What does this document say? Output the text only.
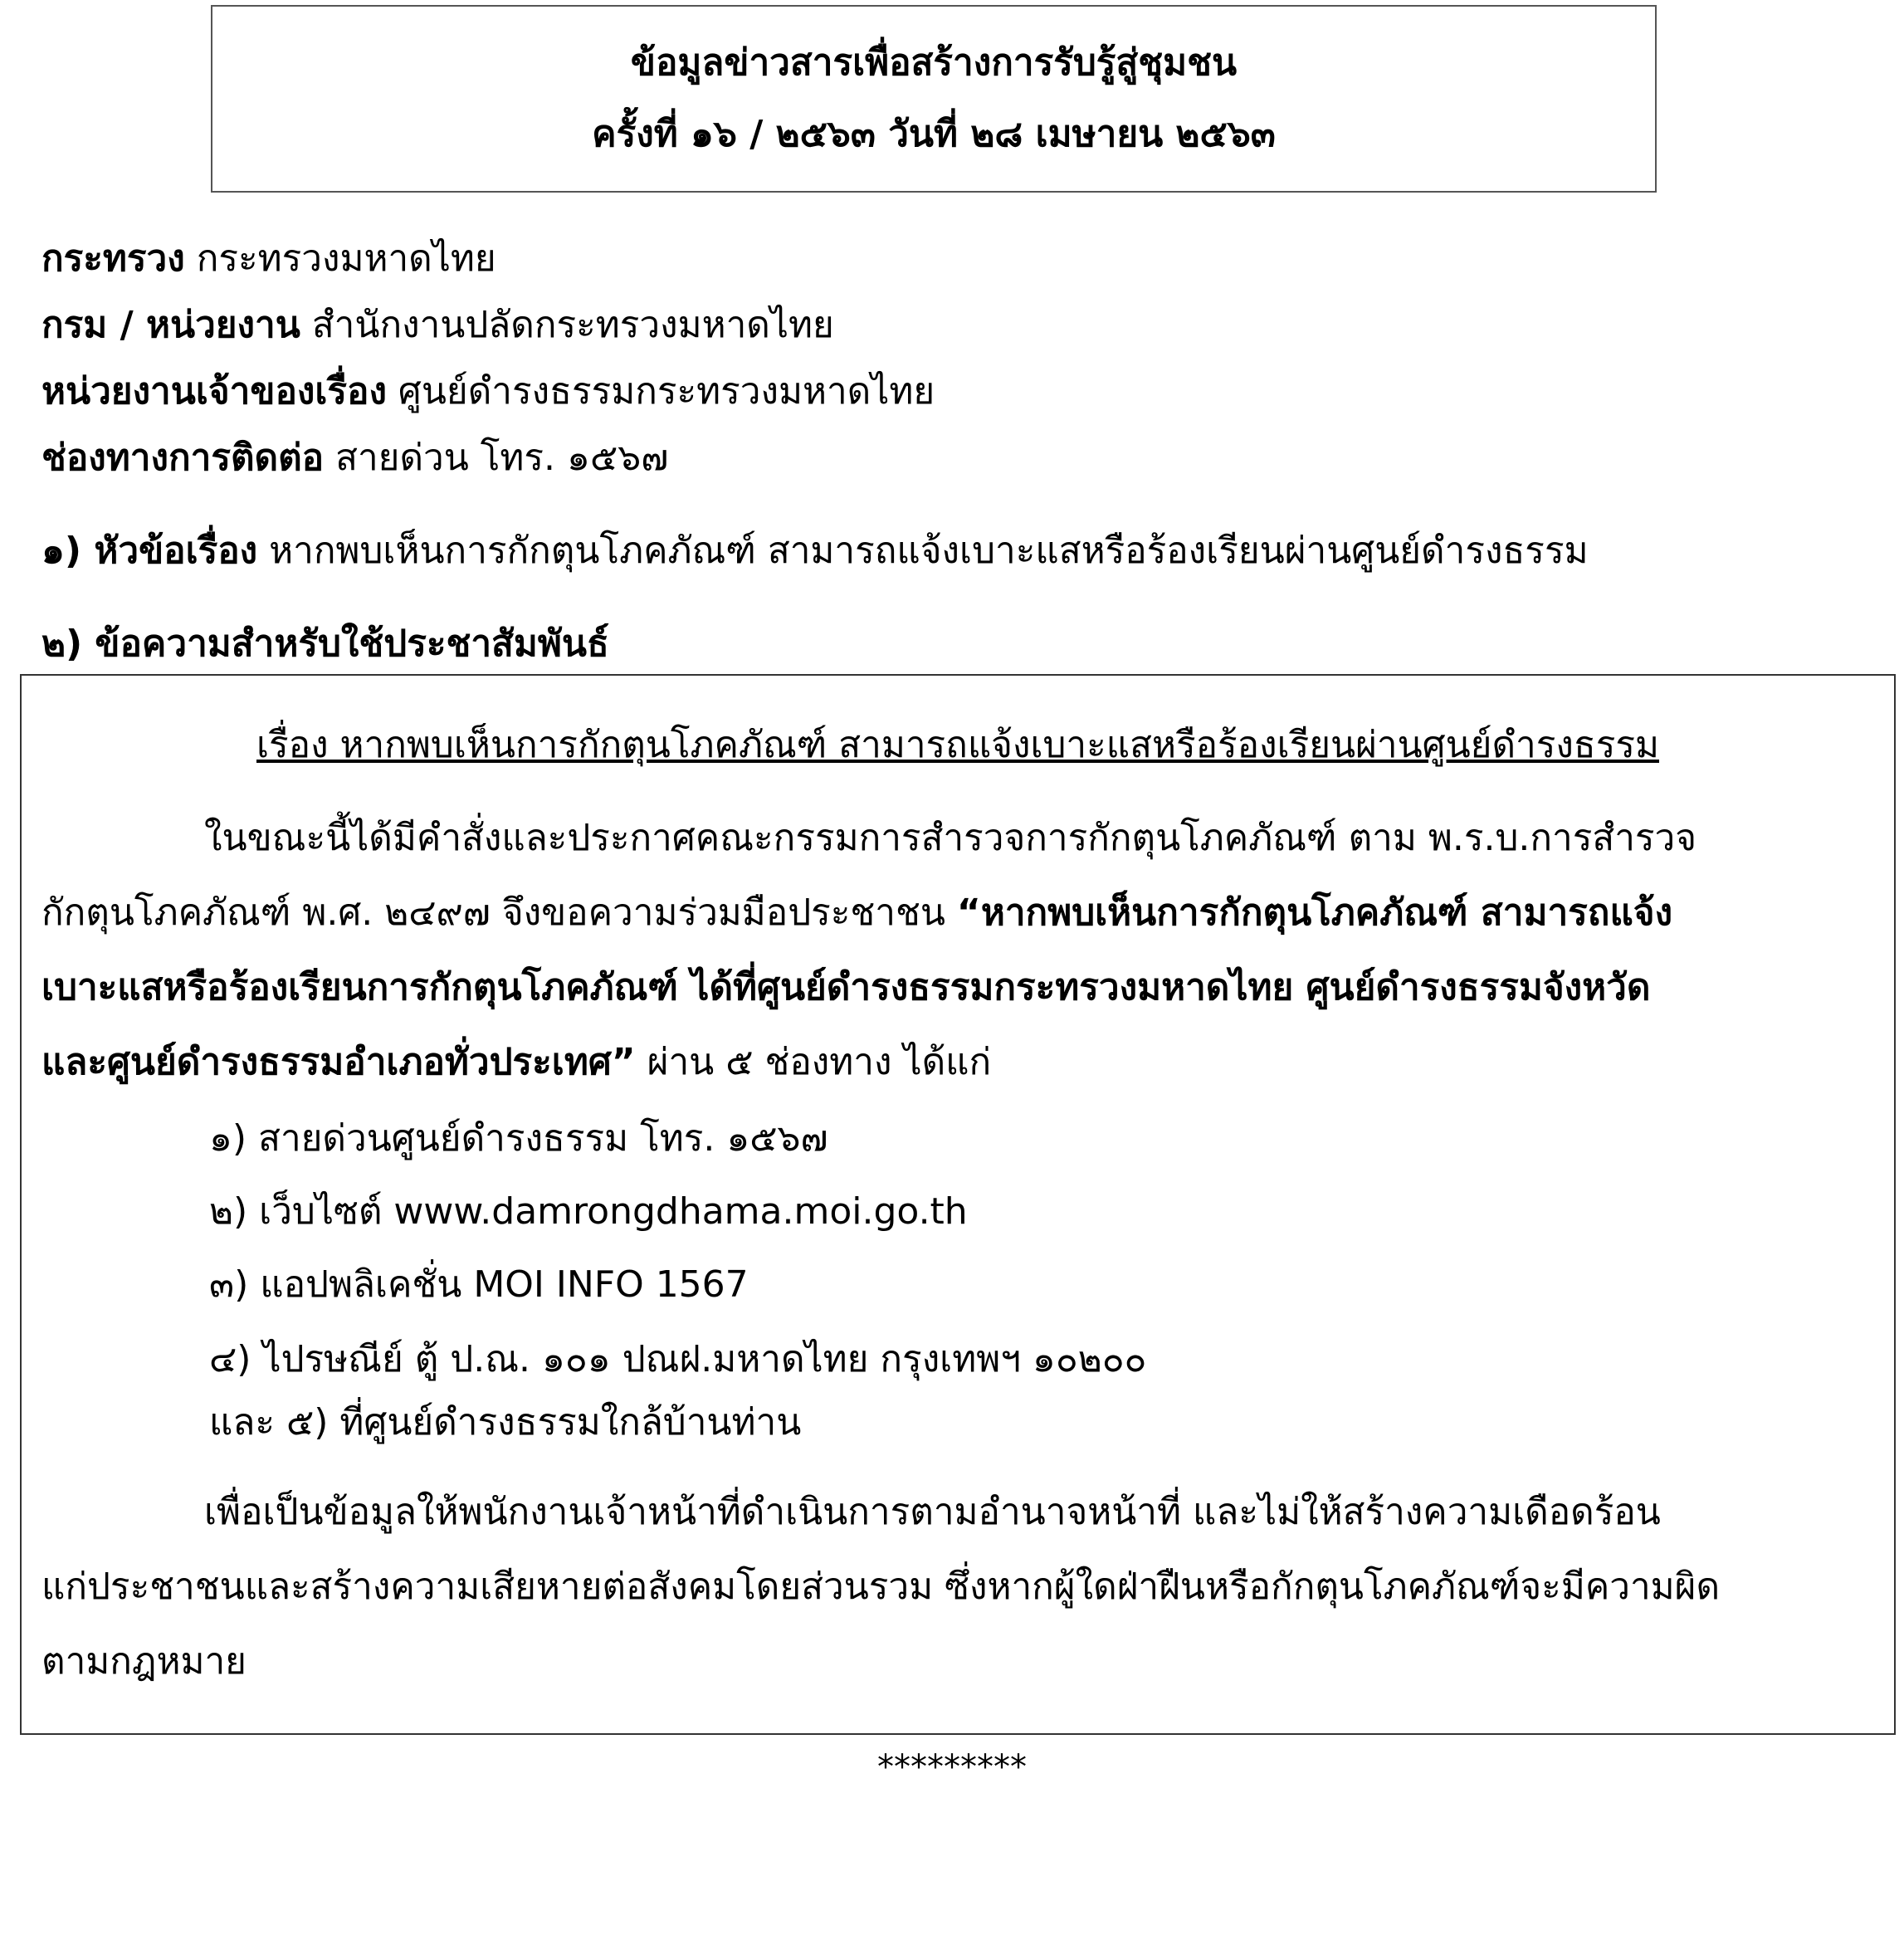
ข้อมูลข่าวสารเพื่อสร้างการรับรู้สู่ชุมชน
ครั้งที่ ๑๖ / ๒๕๖๓ วันที่ ๒๘ เมษายน ๒๕๖๓
กระทรวง กระทรวงมหาดไทย
กรม / หน่วยงาน สำนักงานปลัดกระทรวงมหาดไทย
หน่วยงานเจ้าของเรื่อง ศูนย์ดำรงธรรมกระทรวงมหาดไทย
ช่องทางการติดต่อ สายด่วน โทร. ๑๕๖๗
๑) หัวข้อเรื่อง หากพบเห็นการกักตุนโภคภัณฑ์ สามารถแจ้งเบาะแสหรือร้องเรียนผ่านศูนย์ดำรงธรรม
๒) ข้อความสำหรับใช้ประชาสัมพันธ์
เรื่อง หากพบเห็นการกักตุนโภคภัณฑ์ สามารถแจ้งเบาะแสหรือร้องเรียนผ่านศูนย์ดำรงธรรม
ในขณะนี้ได้มีคำสั่งและประกาศคณะกรรมการสำรวจการกักตุนโภคภัณฑ์ ตาม พ.ร.บ.การสำรวจ
กักตุนโภคภัณฑ์ พ.ศ. ๒๔๙๗ จึงขอความร่วมมือประชาชน “หากพบเห็นการกักตุนโภคภัณฑ์ สามารถแจ้ง
เบาะแสหรือร้องเรียนการกักตุนโภคภัณฑ์ ได้ที่ศูนย์ดำรงธรรมกระทรวงมหาดไทย ศูนย์ดำรงธรรมจังหวัด
และศูนย์ดำรงธรรมอำเภอทั่วประเทศ” ผ่าน ๕ ช่องทาง ได้แก่
๑) สายด่วนศูนย์ดำรงธรรม โทร. ๑๕๖๗
๒) เว็บไซต์ www.damrongdhama.moi.go.th
๓) แอปพลิเคชั่น MOI INFO 1567
๔) ไปรษณีย์ ตู้ ป.ณ. ๑๐๑ ปณฝ.มหาดไทย กรุงเทพฯ ๑๐๒๐๐
และ ๕) ที่ศูนย์ดำรงธรรมใกล้บ้านท่าน
เพื่อเป็นข้อมูลให้พนักงานเจ้าหน้าที่ดำเนินการตามอำนาจหน้าที่ และไม่ให้สร้างความเดือดร้อน
แก่ประชาชนและสร้างความเสียหายต่อสังคมโดยส่วนรวม ซึ่งหากผู้ใดฝ่าฝืนหรือกักตุนโภคภัณฑ์จะมีความผิด
ตามกฎหมาย
*********
